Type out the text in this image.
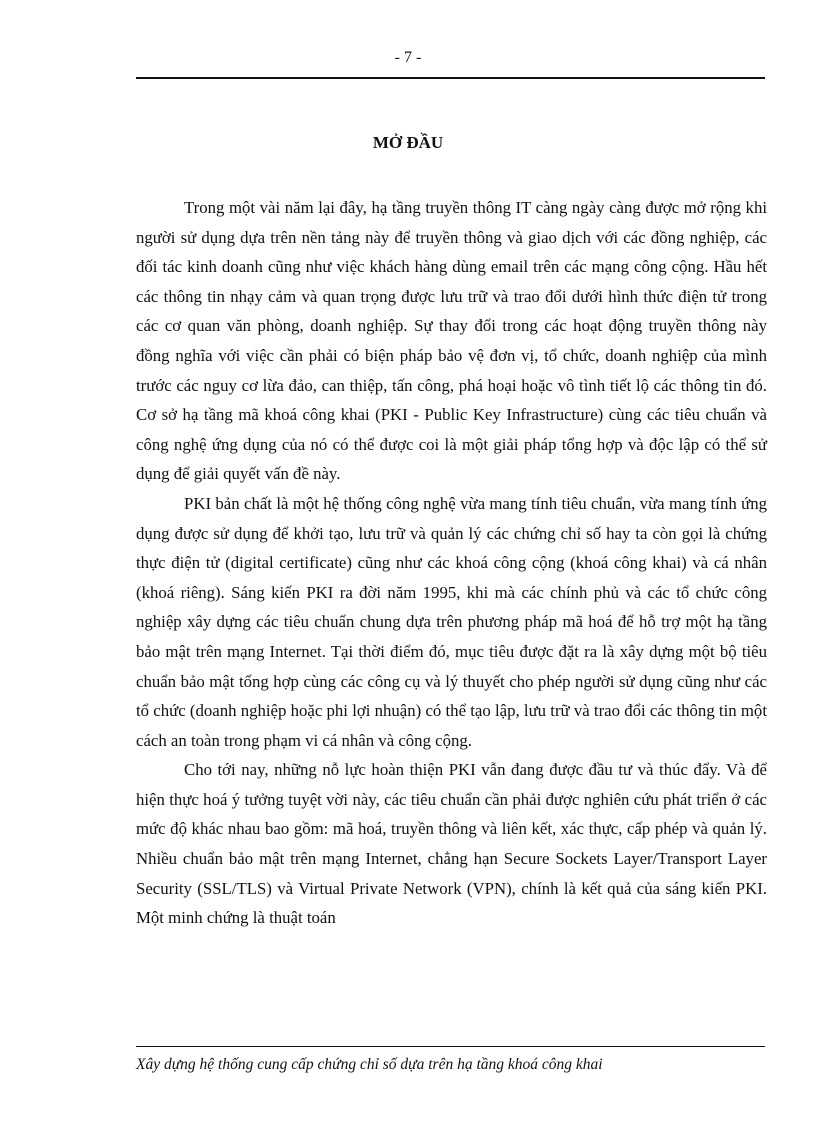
- 7 -
MỞ ĐẦU

Trong một vài năm lại đây, hạ tầng truyền thông IT càng ngày càng được mở rộng khi người sử dụng dựa trên nền tảng này để truyền thông và giao dịch với các đồng nghiệp, các đối tác kinh doanh cũng như việc khách hàng dùng email trên các mạng công cộng. Hầu hết các thông tin nhạy cảm và quan trọng được lưu trữ và trao đổi dưới hình thức điện tử trong các cơ quan văn phòng, doanh nghiệp. Sự thay đổi trong các hoạt động truyền thông này đồng nghĩa với việc cần phải có biện pháp bảo vệ đơn vị, tổ chức, doanh nghiệp của mình trước các nguy cơ lừa đảo, can thiệp, tấn công, phá hoại hoặc vô tình tiết lộ các thông tin đó. Cơ sở hạ tầng mã khoá công khai (PKI - Public Key Infrastructure) cùng các tiêu chuẩn và công nghệ ứng dụng của nó có thể được coi là một giải pháp tổng hợp và độc lập có thể sử dụng để giải quyết vấn đề này.

PKI bản chất là một hệ thống công nghệ vừa mang tính tiêu chuẩn, vừa mang tính ứng dụng được sử dụng để khởi tạo, lưu trữ và quản lý các chứng chỉ số hay ta còn gọi là chứng thực điện tử (digital certificate) cũng như các khoá công cộng (khoá công khai) và cá nhân (khoá riêng). Sáng kiến PKI ra đời năm 1995, khi mà các chính phủ và các tổ chức công nghiệp xây dựng các tiêu chuẩn chung dựa trên phương pháp mã hoá để hỗ trợ một hạ tầng bảo mật trên mạng Internet. Tại thời điểm đó, mục tiêu được đặt ra là xây dựng một bộ tiêu chuẩn bảo mật tổng hợp cùng các công cụ và lý thuyết cho phép người sử dụng cũng như các tổ chức (doanh nghiệp hoặc phi lợi nhuận) có thể tạo lập, lưu trữ và trao đổi các thông tin một cách an toàn trong phạm vi cá nhân và công cộng.

Cho tới nay, những nỗ lực hoàn thiện PKI vẫn đang được đầu tư và thúc đẩy. Và để hiện thực hoá ý tưởng tuyệt vời này, các tiêu chuẩn cần phải được nghiên cứu phát triển ở các mức độ khác nhau bao gồm: mã hoá, truyền thông và liên kết, xác thực, cấp phép và quản lý. Nhiều chuẩn bảo mật trên mạng Internet, chẳng hạn Secure Sockets Layer/Transport Layer Security (SSL/TLS) và Virtual Private Network (VPN), chính là kết quả của sáng kiến PKI. Một minh chứng là thuật toán

Xây dựng hệ thống cung cấp chứng chỉ số dựa trên hạ tầng khoá công khai
